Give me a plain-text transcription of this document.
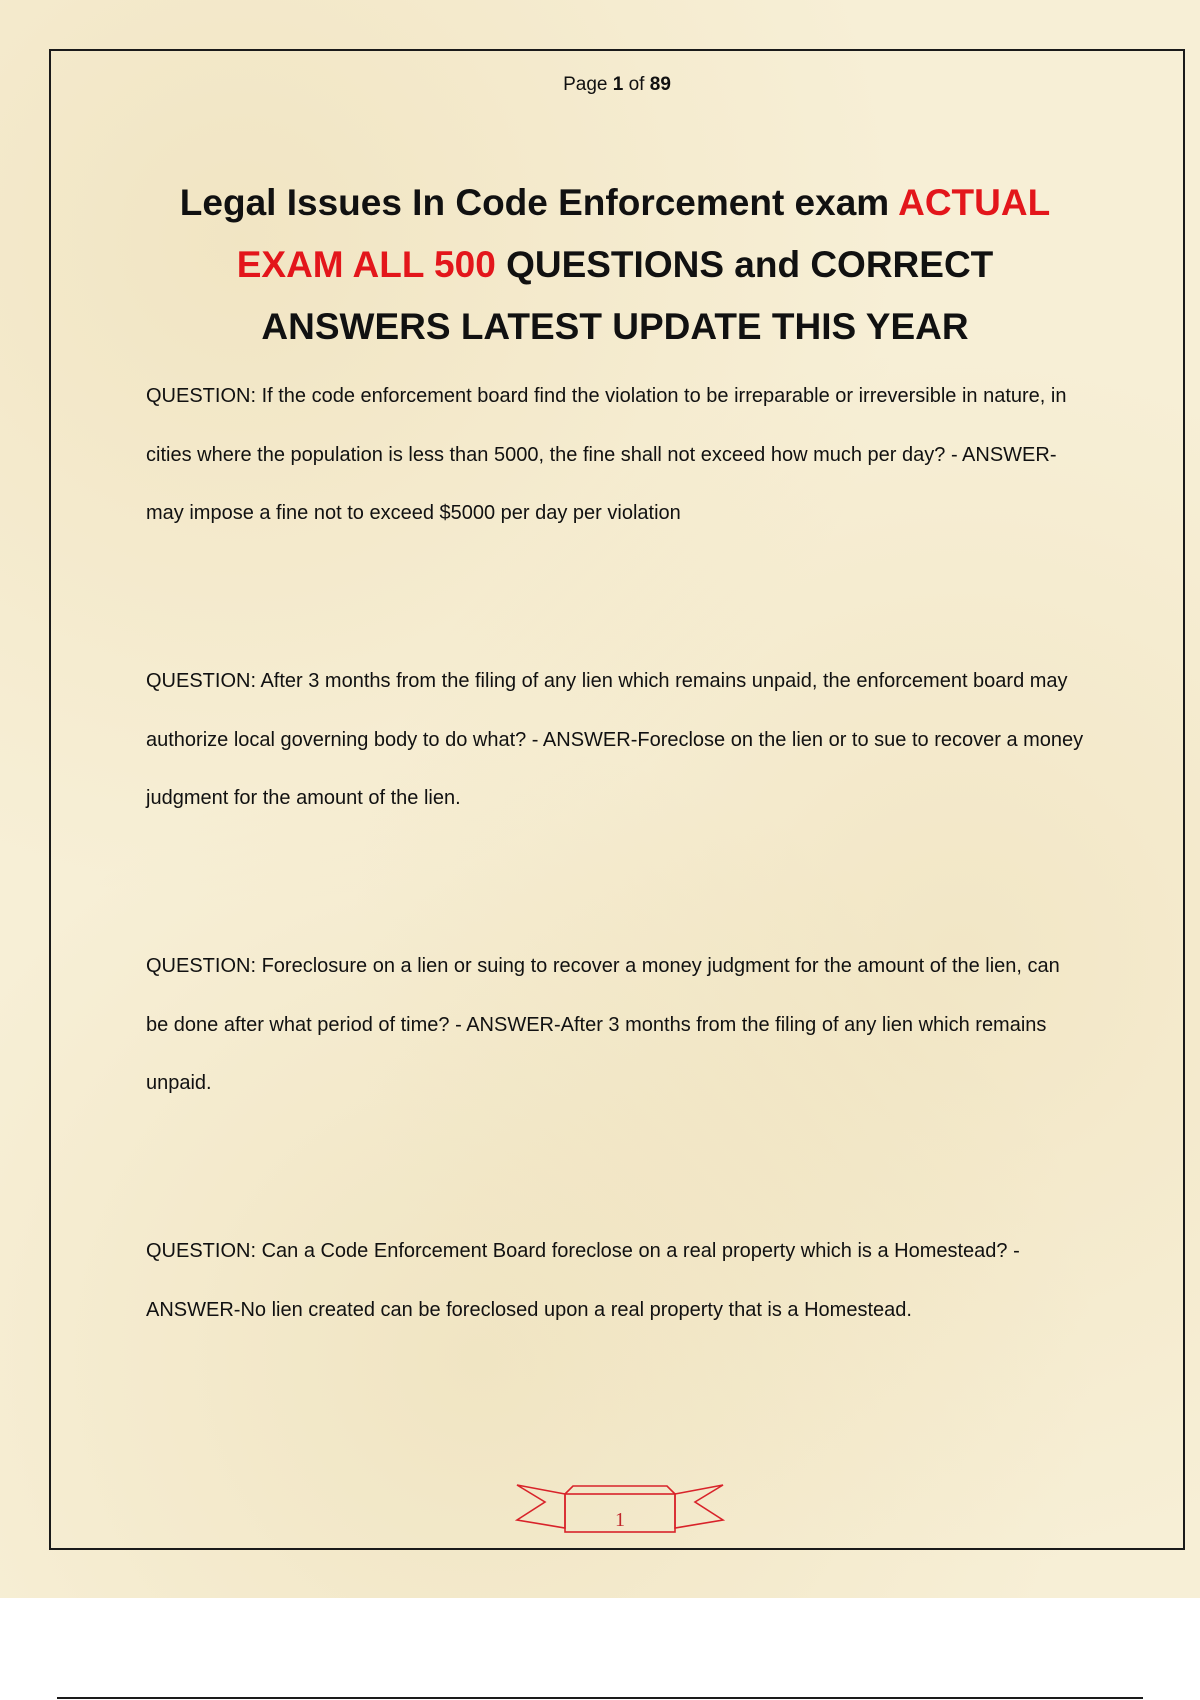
Page 1 of 89
Legal Issues In Code Enforcement exam ACTUAL EXAM ALL 500 QUESTIONS and CORRECT ANSWERS LATEST UPDATE THIS YEAR

QUESTION: If the code enforcement board find the violation to be irreparable or irreversible in nature, in cities where the population is less than 5000, the fine shall not exceed how much per day? - ANSWER-may impose a fine not to exceed $5000 per day per violation

QUESTION: After 3 months from the filing of any lien which remains unpaid, the enforcement board may authorize local governing body to do what? - ANSWER-Foreclose on the lien or to sue to recover a money judgment for the amount of the lien.

QUESTION: Foreclosure on a lien or suing to recover a money judgment for the amount of the lien, can be done after what period of time? - ANSWER-After 3 months from the filing of any lien which remains unpaid.

QUESTION: Can a Code Enforcement Board foreclose on a real property which is a Homestead? - ANSWER-No lien created can be foreclosed upon a real property that is a Homestead.

1
